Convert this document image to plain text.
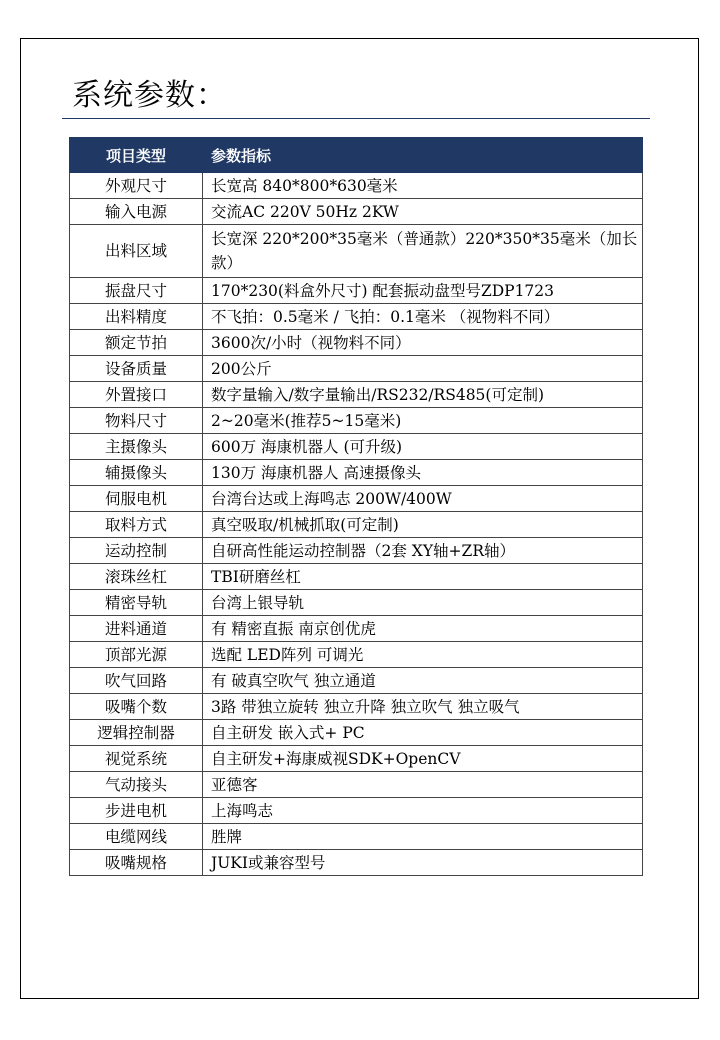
系统参数：
项目类型	参数指标
外观尺寸	长宽高 840*800*630毫米
输入电源	交流AC 220V 50Hz 2KW
出料区域	长宽深 220*200*35毫米（普通款）220*350*35毫米（加长款）
振盘尺寸	170*230(料盒外尺寸) 配套振动盘型号ZDP1723
出料精度	不飞拍：0.5毫米 / 飞拍：0.1毫米 （视物料不同）
额定节拍	3600次/小时（视物料不同）
设备质量	200公斤
外置接口	数字量输入/数字量输出/RS232/RS485(可定制)
物料尺寸	2~20毫米(推荐5~15毫米)
主摄像头	600万 海康机器人 (可升级)
辅摄像头	130万 海康机器人 高速摄像头
伺服电机	台湾台达或上海鸣志 200W/400W
取料方式	真空吸取/机械抓取(可定制)
运动控制	自研高性能运动控制器（2套 XY轴+ZR轴）
滚珠丝杠	TBI研磨丝杠
精密导轨	台湾上银导轨
进料通道	有 精密直振 南京创优虎
顶部光源	选配 LED阵列 可调光
吹气回路	有 破真空吹气 独立通道
吸嘴个数	3路 带独立旋转 独立升降 独立吹气 独立吸气
逻辑控制器	自主研发 嵌入式+ PC
视觉系统	自主研发+海康威视SDK+OpenCV
气动接头	亚德客
步进电机	上海鸣志
电缆网线	胜牌
吸嘴规格	JUKI或兼容型号
